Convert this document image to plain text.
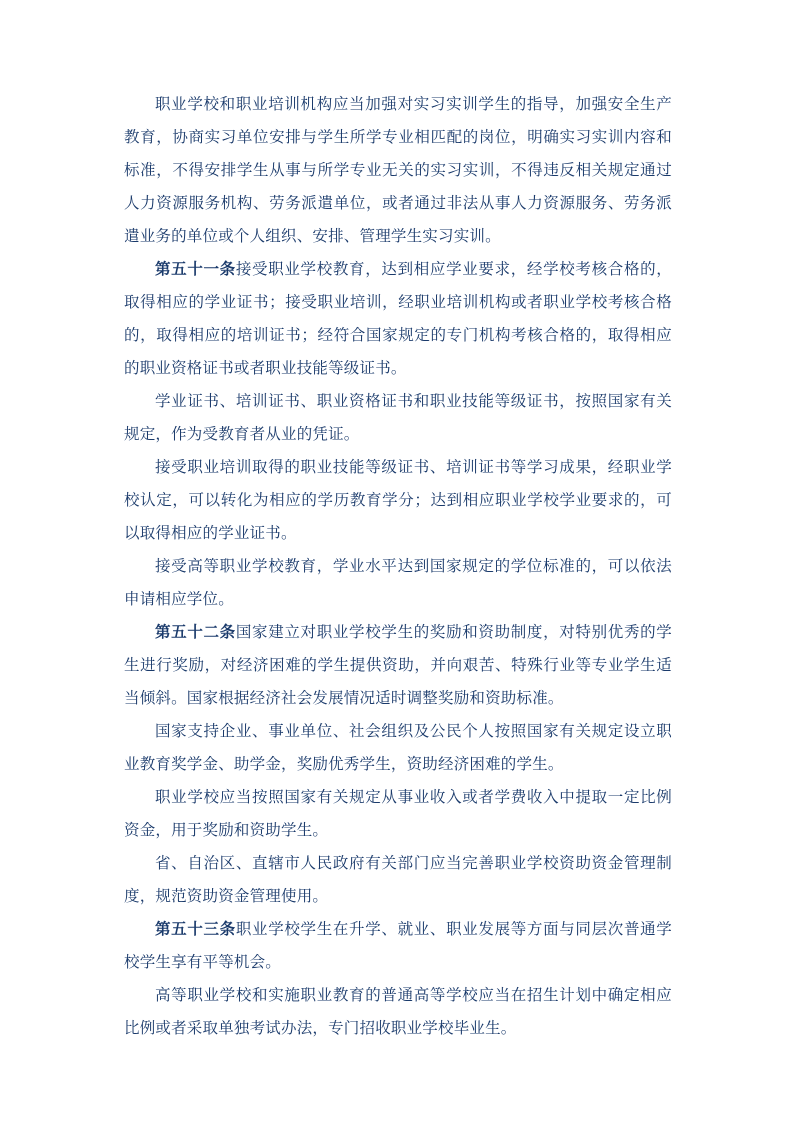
职业学校和职业培训机构应当加强对实习实训学生的指导，加强安全生产教育，协商实习单位安排与学生所学专业相匹配的岗位，明确实习实训内容和标准，不得安排学生从事与所学专业无关的实习实训，不得违反相关规定通过人力资源服务机构、劳务派遣单位，或者通过非法从事人力资源服务、劳务派遣业务的单位或个人组织、安排、管理学生实习实训。

第五十一条接受职业学校教育，达到相应学业要求，经学校考核合格的，取得相应的学业证书；接受职业培训，经职业培训机构或者职业学校考核合格的，取得相应的培训证书；经符合国家规定的专门机构考核合格的，取得相应的职业资格证书或者职业技能等级证书。

学业证书、培训证书、职业资格证书和职业技能等级证书，按照国家有关规定，作为受教育者从业的凭证。

接受职业培训取得的职业技能等级证书、培训证书等学习成果，经职业学校认定，可以转化为相应的学历教育学分；达到相应职业学校学业要求的，可以取得相应的学业证书。

接受高等职业学校教育，学业水平达到国家规定的学位标准的，可以依法申请相应学位。

第五十二条国家建立对职业学校学生的奖励和资助制度，对特别优秀的学生进行奖励，对经济困难的学生提供资助，并向艰苦、特殊行业等专业学生适当倾斜。国家根据经济社会发展情况适时调整奖励和资助标准。

国家支持企业、事业单位、社会组织及公民个人按照国家有关规定设立职业教育奖学金、助学金，奖励优秀学生，资助经济困难的学生。

职业学校应当按照国家有关规定从事业收入或者学费收入中提取一定比例资金，用于奖励和资助学生。

省、自治区、直辖市人民政府有关部门应当完善职业学校资助资金管理制度，规范资助资金管理使用。

第五十三条职业学校学生在升学、就业、职业发展等方面与同层次普通学校学生享有平等机会。

高等职业学校和实施职业教育的普通高等学校应当在招生计划中确定相应比例或者采取单独考试办法，专门招收职业学校毕业生。
